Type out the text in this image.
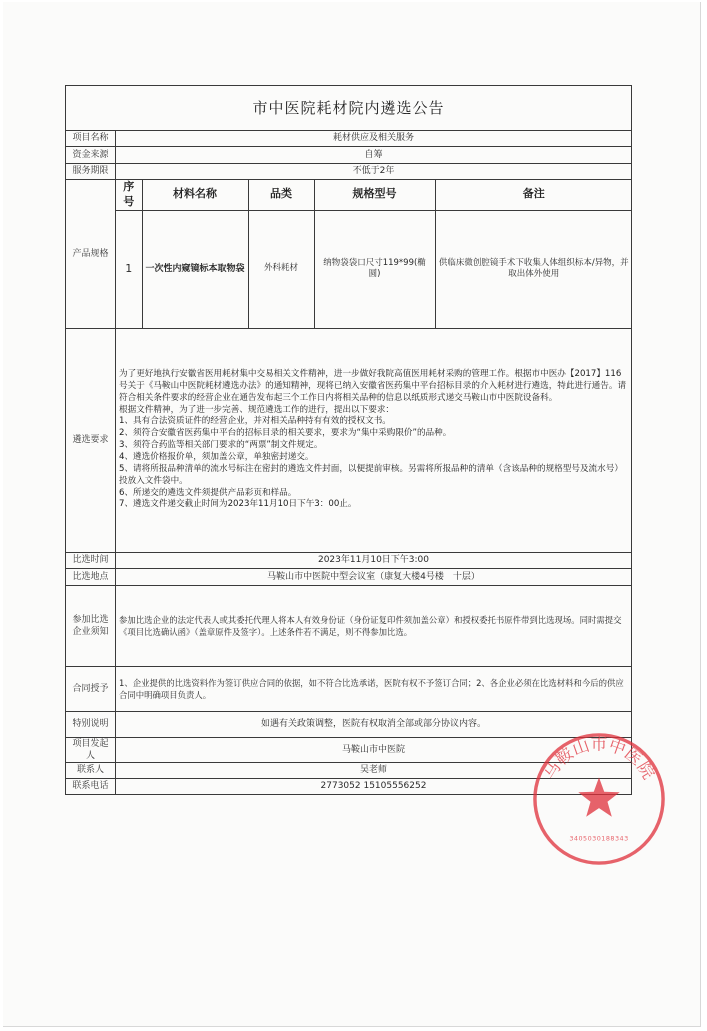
市中医院耗材院内遴选公告
项目名称	耗材供应及相关服务
资金来源	自筹
服务期限	不低于2年
产品规格	
序号	材料名称	品类	规格型号	备注
1	一次性内窥镜标本取物袋	外科耗材	纳物袋袋口尺寸119*99(椭圆)	供临床微创腔镜手术下收集人体组织标本/异物，并取出体外使用

遴选要求	

为了更好地执行安徽省医用耗材集中交易相关文件精神，进一步做好我院高值医用耗材采购的管理工作。根据市中医办【2017】116号关于《马鞍山中医院耗材遴选办法》的通知精神，现将已纳入安徽省医药集中平台招标目录的介入耗材进行遴选，特此进行通告。请符合相关条件要求的经营企业在通告发布起三个工作日内将相关品种的信息以纸质形式递交马鞍山市中医院设备科。

根据文件精神，为了进一步完善、规范遴选工作的进行，提出以下要求：

1、具有合法资质证件的经营企业，并对相关品种持有有效的授权文书。

2、须符合安徽省医药集中平台的招标目录的相关要求，要求为“集中采购限价”的品种。

3、须符合药监等相关部门要求的“两票”制文件规定。

4、遴选价格报价单，须加盖公章，单独密封递交。

5、请将所报品种清单的流水号标注在密封的遴选文件封面，以便提前审核。另需将所报品种的清单（含该品种的规格型号及流水号）投放入文件袋中。

6、所递交的遴选文件须提供产品彩页和样品。

7、遴选文件递交截止时间为2023年11月10日下午3：00止。

比选时间	2023年11月10日下午3:00
比选地点	马鞍山市中医院中型会议室（康复大楼4号楼　十层）
参加比选企业须知	参加比选企业的法定代表人或其委托代理人将本人有效身份证（身份证复印件须加盖公章）和授权委托书原件带到比选现场。同时需提交《项目比选确认函》（盖章原件及签字）。上述条件若不满足，则不得参加比选。
合同授予	1、企业提供的比选资料作为签订供应合同的依据，如不符合比选承诺，医院有权不予签订合同；2、各企业必须在比选材料和今后的供应合同中明确项目负责人。
特别说明	如遇有关政策调整，医院有权取消全部或部分协议内容。
项目发起人	马鞍山市中医院
联系人	吴老师
联系电话	2773052 15105556252
马鞍山市中医院
3405030188343
